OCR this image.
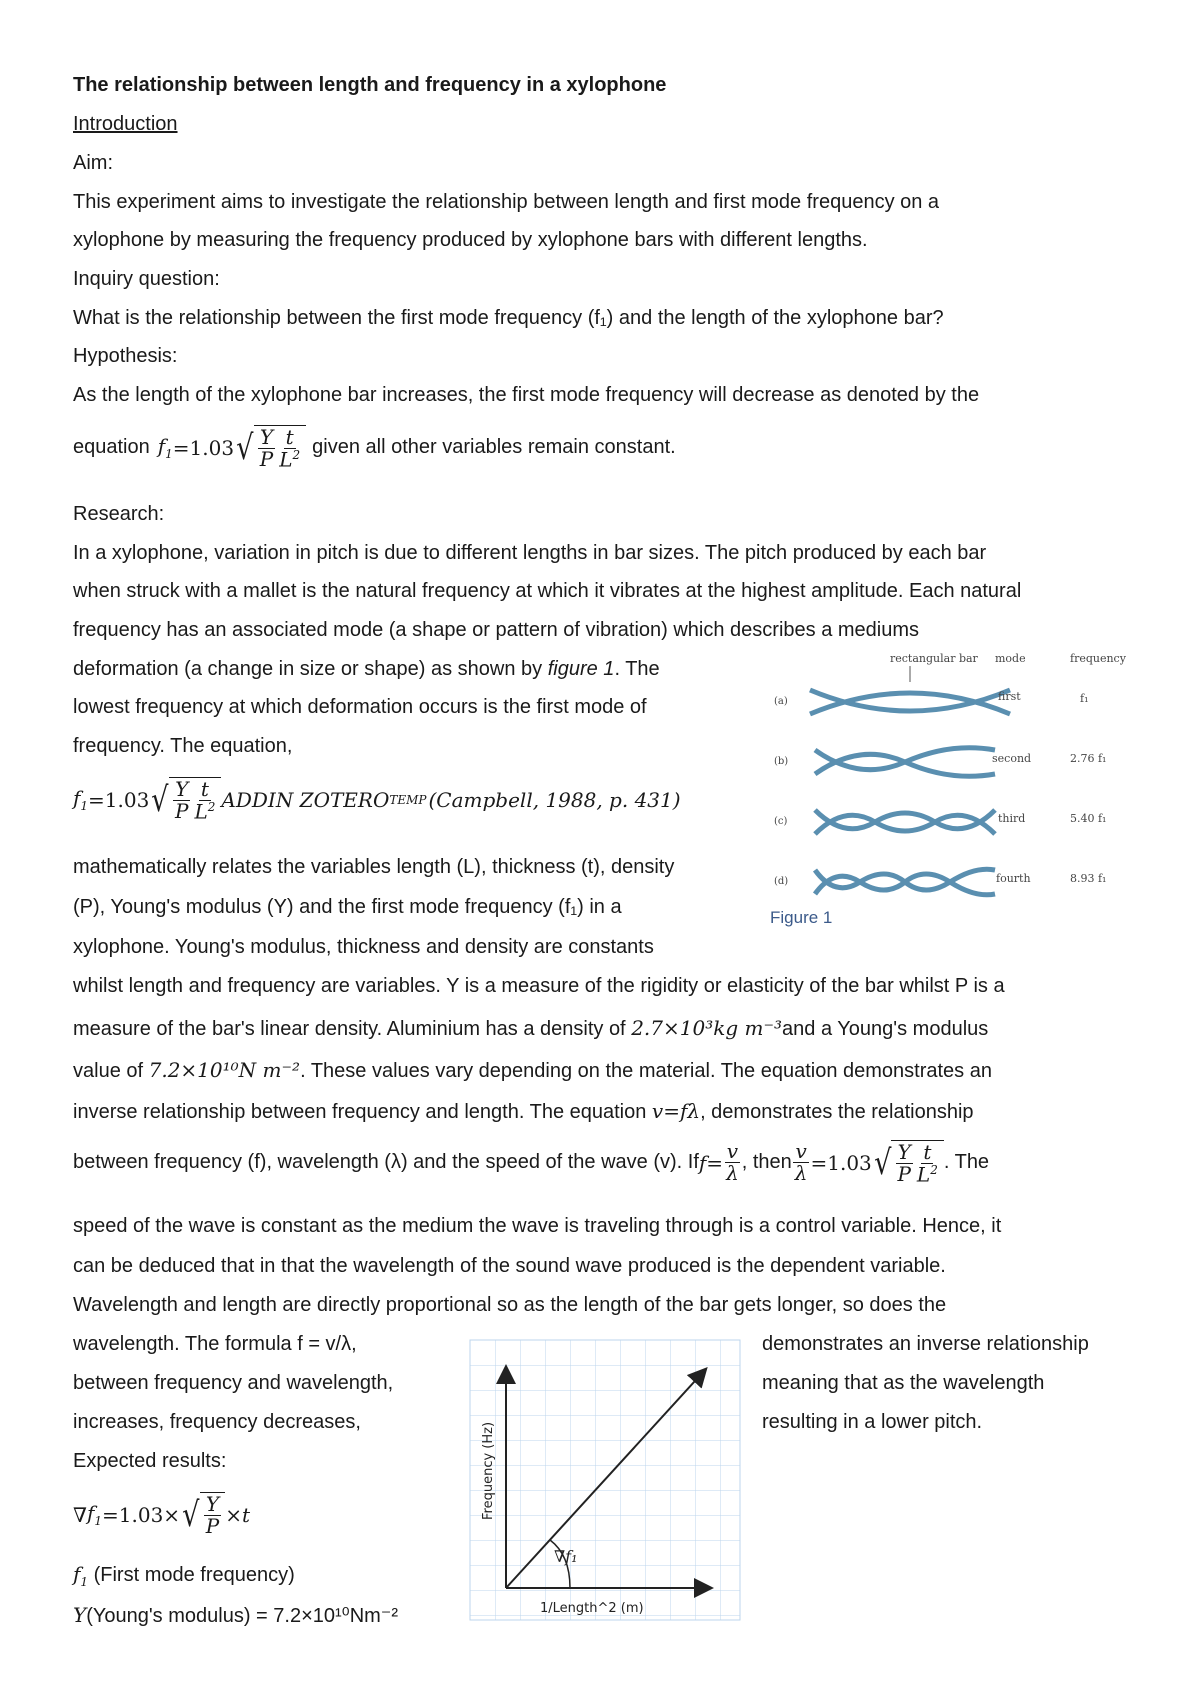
The relationship between length and frequency in a xylophone
Introduction
Aim:
This experiment aims to investigate the relationship between length and first mode frequency on a
xylophone by measuring the frequency produced by xylophone bars with different lengths.
Inquiry question:
What is the relationship between the first mode frequency (f₁) and the length of the xylophone bar?
Hypothesis:
As the length of the xylophone bar increases, the first mode frequency will decrease as denoted by the
equation $f_1 =1.03$ √ $\frac{Y}{P} \frac{t}{L^2}$ given all other variables remain constant.
Research:
In a xylophone, variation in pitch is due to different lengths in bar sizes. The pitch produced by each bar
when struck with a mallet is the natural frequency at which it vibrates at the highest amplitude. Each natural
frequency has an associated mode (a shape or pattern of vibration) which describes a mediums
deformation (a change in size or shape) as shown by figure 1. The
lowest frequency at which deformation occurs is the first mode of
frequency. The equation,
$f_1 =1.03$ √ $\frac{Y}{P} \frac{t}{L^2}$ ADDIN ZOTERO TEMP (Campbell, 1988, p. 431)
mathematically relates the variables length (L), thickness (t), density
(P), Young's modulus (Y) and the first mode frequency (f₁) in a
xylophone. Young's modulus, thickness and density are constants
whilst length and frequency are variables. Y is a measure of the rigidity or elasticity of the bar whilst P is a
measure of the bar's linear density. Aluminium has a density of 2.7×10³kg m⁻³and a Young's modulus
value of 7.2×10¹⁰N m⁻². These values vary depending on the material. The equation demonstrates an
inverse relationship between frequency and length. The equation v=fλ, demonstrates the relationship
between frequency (f), wavelength (λ) and the speed of the wave (v). If $f = \frac{v}{\lambda}$ , then $\frac{v}{\lambda} =1.03$ √ $\frac{Y}{P} \frac{t}{L^2}$ . The
speed of the wave is constant as the medium the wave is traveling through is a control variable. Hence, it
can be deduced that in that the wavelength of the sound wave produced is the dependent variable.
Wavelength and length are directly proportional so as the length of the bar gets longer, so does the
wavelength. The formula f = v/λ,
between frequency and wavelength,
increases, frequency decreases,
demonstrates an inverse relationship
meaning that as the wavelength
resulting in a lower pitch.
Expected results:
∇ $f_1 =1.03\times$ √ $\frac{Y}{P} \times t$
$f_1$ (First mode frequency)
Y(Young's modulus) = 7.2×10¹⁰Nm⁻²
rectangular bar mode	frequency
(a)	first	f₁
(b)	second	2.76 f₁
(c)	third	5.40 f₁
(d)	fourth	8.93 f₁
Figure 1
∇f₁
1/Length^2 (m)
Frequency (Hz)
